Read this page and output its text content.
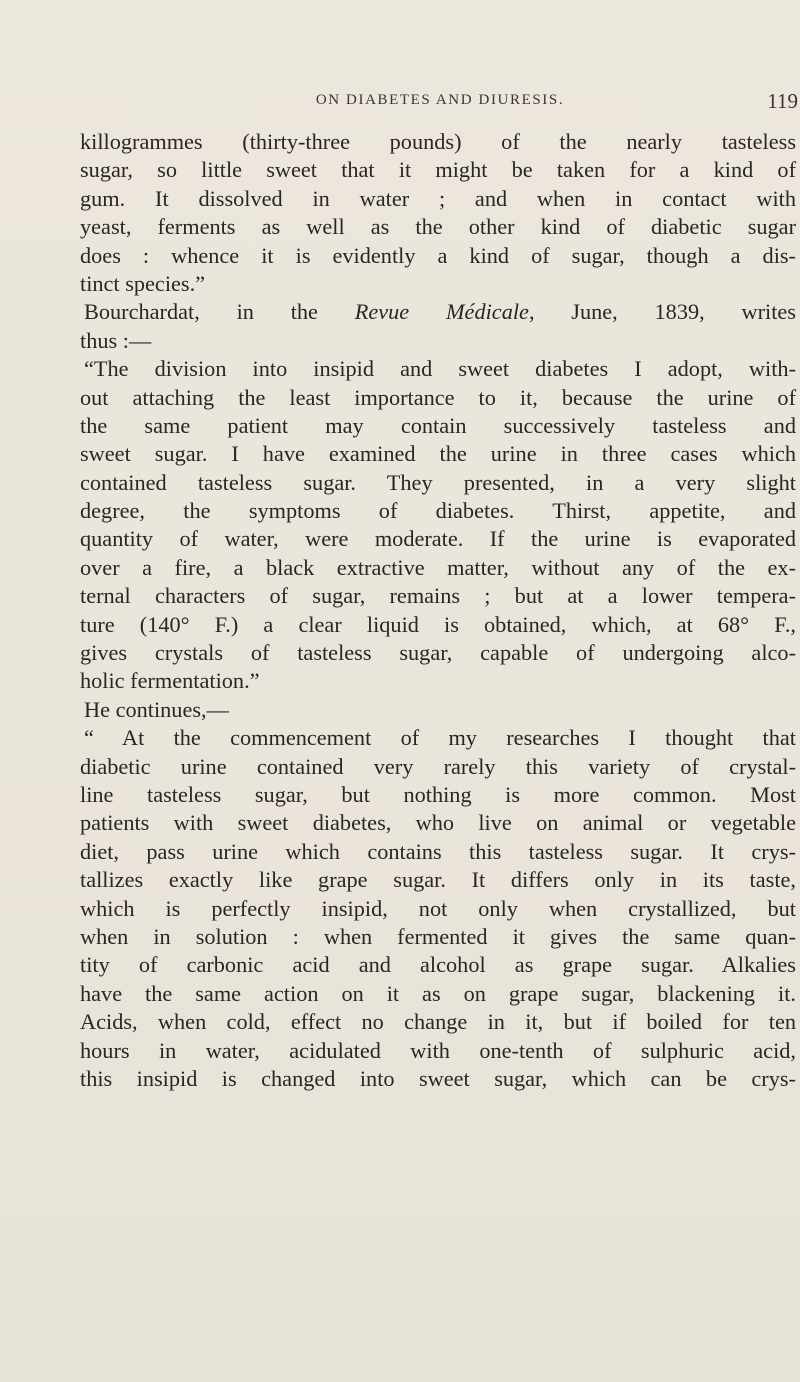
ON DIABETES AND DIURESIS.	119
killogrammes (thirty-three pounds) of the nearly tasteless
sugar, so little sweet that it might be taken for a kind of
gum. It dissolved in water ; and when in contact with
yeast, ferments as well as the other kind of diabetic sugar
does : whence it is evidently a kind of sugar, though a dis-
tinct species.”
Bourchardat, in the Revue Médicale, June, 1839, writes
thus :—
“The division into insipid and sweet diabetes I adopt, with-
out attaching the least importance to it, because the urine of
the same patient may contain successively tasteless and
sweet sugar. I have examined the urine in three cases which
contained tasteless sugar. They presented, in a very slight
degree, the symptoms of diabetes. Thirst, appetite, and
quantity of water, were moderate. If the urine is evaporated
over a fire, a black extractive matter, without any of the ex-
ternal characters of sugar, remains ; but at a lower tempera-
ture (140° F.) a clear liquid is obtained, which, at 68° F.,
gives crystals of tasteless sugar, capable of undergoing alco-
holic fermentation.”
He continues,—
“ At the commencement of my researches I thought that
diabetic urine contained very rarely this variety of crystal-
line tasteless sugar, but nothing is more common. Most
patients with sweet diabetes, who live on animal or vegetable
diet, pass urine which contains this tasteless sugar. It crys-
tallizes exactly like grape sugar. It differs only in its taste,
which is perfectly insipid, not only when crystallized, but
when in solution : when fermented it gives the same quan-
tity of carbonic acid and alcohol as grape sugar. Alkalies
have the same action on it as on grape sugar, blackening it.
Acids, when cold, effect no change in it, but if boiled for ten
hours in water, acidulated with one-tenth of sulphuric acid,
this insipid is changed into sweet sugar, which can be crys-
